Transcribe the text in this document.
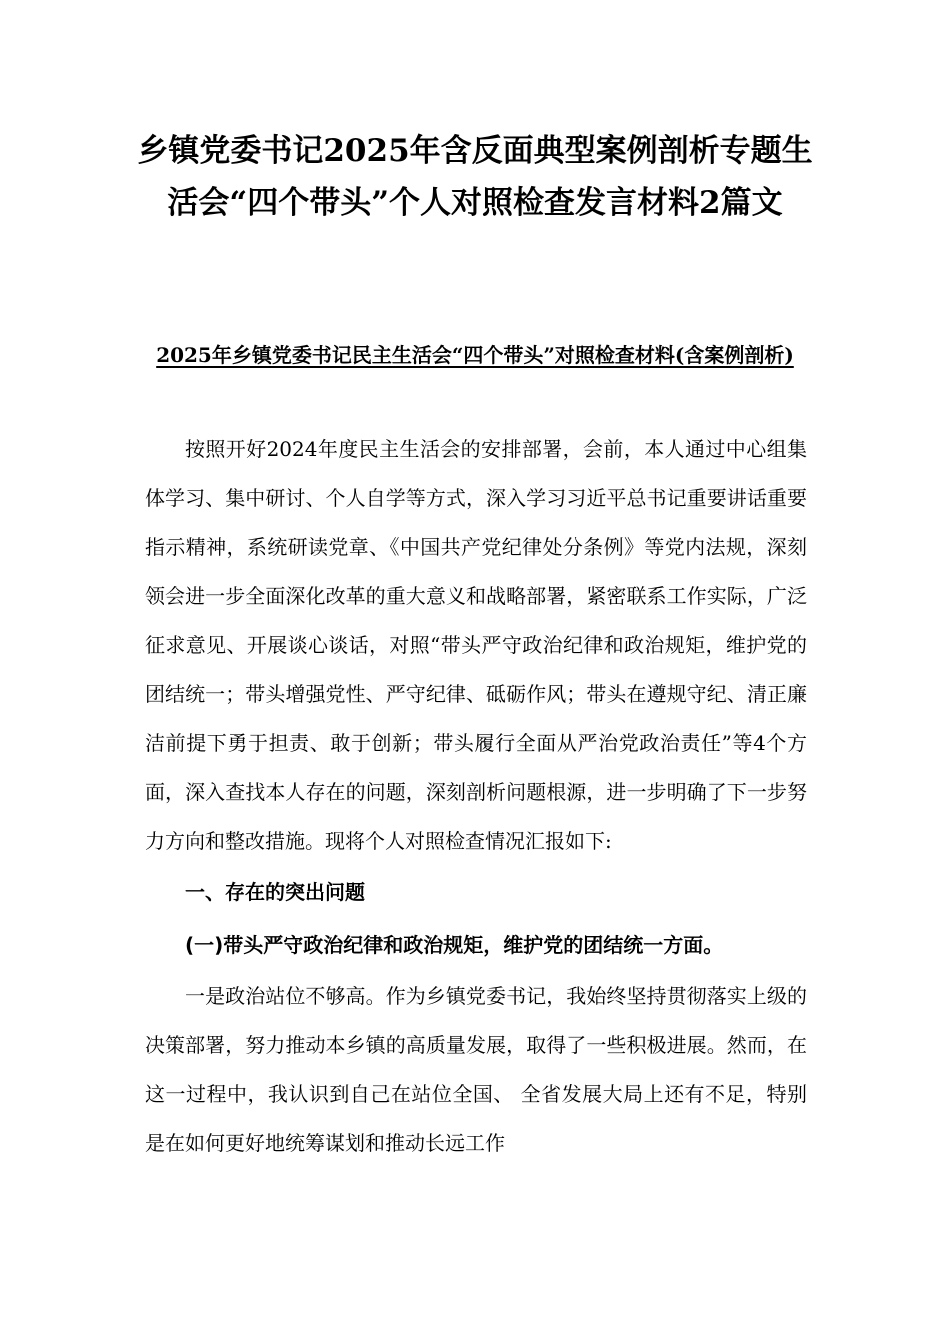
乡镇党委书记2025年含反面典型案例剖析专题生活会“四个带头”个人对照检查发言材料2篇文
2025年乡镇党委书记民主生活会“四个带头”对照检查材料(含案例剖析)

按照开好2024年度民主生活会的安排部署，会前，本人通过中心组集体学习、集中研讨、个人自学等方式，深入学习习近平总书记重要讲话重要指示精神，系统研读党章、《中国共产党纪律处分条例》等党内法规，深刻领会进一步全面深化改革的重大意义和战略部署，紧密联系工作实际，广泛征求意见、开展谈心谈话，对照“带头严守政治纪律和政治规矩，维护党的团结统一；带头增强党性、严守纪律、砥砺作风；带头在遵规守纪、清正廉洁前提下勇于担责、敢于创新；带头履行全面从严治党政治责任”等4个方面，深入查找本人存在的问题，深刻剖析问题根源，进一步明确了下一步努力方向和整改措施。现将个人对照检查情况汇报如下:

一、存在的突出问题

(一)带头严守政治纪律和政治规矩，维护党的团结统一方面。

一是政治站位不够高。作为乡镇党委书记，我始终坚持贯彻落实上级的决策部署，努力推动本乡镇的高质量发展，取得了一些积极进展。然而，在这一过程中，我认识到自己在站位全国、 全省发展大局上还有不足，特别是在如何更好地统筹谋划和推动长远工作
